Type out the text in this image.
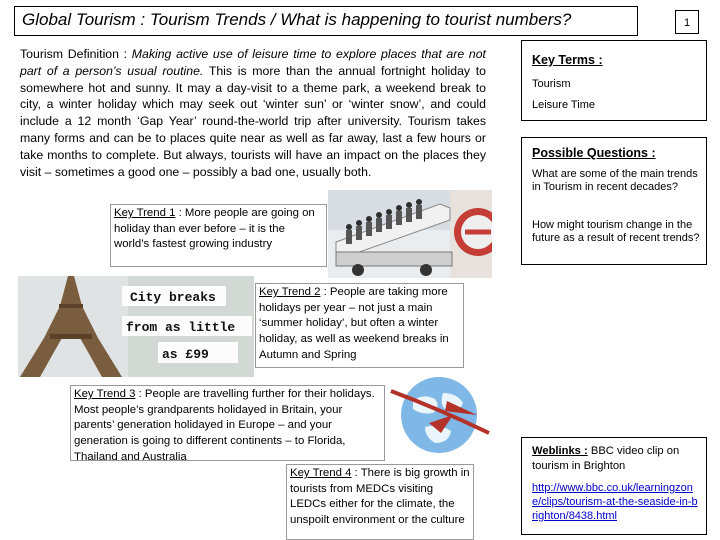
Global Tourism : Tourism Trends / What is happening to tourist numbers?	1
Tourism Definition : Making active use of leisure time to explore places that are not part of a person’s usual routine. This is more than the annual fortnight holiday to somewhere hot and sunny. It may a day-visit to a theme park, a weekend break to city, a winter holiday which may seek out ‘winter sun’ or ‘winter snow’, and could include a 12 month ‘Gap Year’ round-the-world trip after university. Tourism takes many forms and can be to places quite near as well as far away, last a few hours or take months to complete. But always, tourists will have an impact on the places they visit – sometimes a good one – possibly a bad one, usually both.
City breaks
from as little
as £99
Key Trend 1 : More people are going on holiday than ever before – it is the world’s fastest growing industry
Key Trend 2 : People are taking more holidays per year – not just a main ‘summer holiday’, but often a winter holiday, as well as weekend breaks in Autumn and Spring
Key Trend 3 : People are travelling further for their holidays. Most people’s grandparents holidayed in Britain, your parents’ generation holidayed in Europe – and your generation is going to different continents – to Florida, Thailand and Australia
Key Trend 4 : There is big growth in tourists from MEDCs visiting LEDCs either for the climate, the unspoilt environment or the culture
Key Terms :
Tourism
Leisure Time
Possible Questions :
What are some of the main trends in Tourism in recent decades?
How might tourism change in the future as a result of recent trends?
Weblinks : BBC video clip on tourism in Brighton
http://www.bbc.co.uk/learningzone/clips/tourism-at-the-seaside-in-brighton/8438.html
